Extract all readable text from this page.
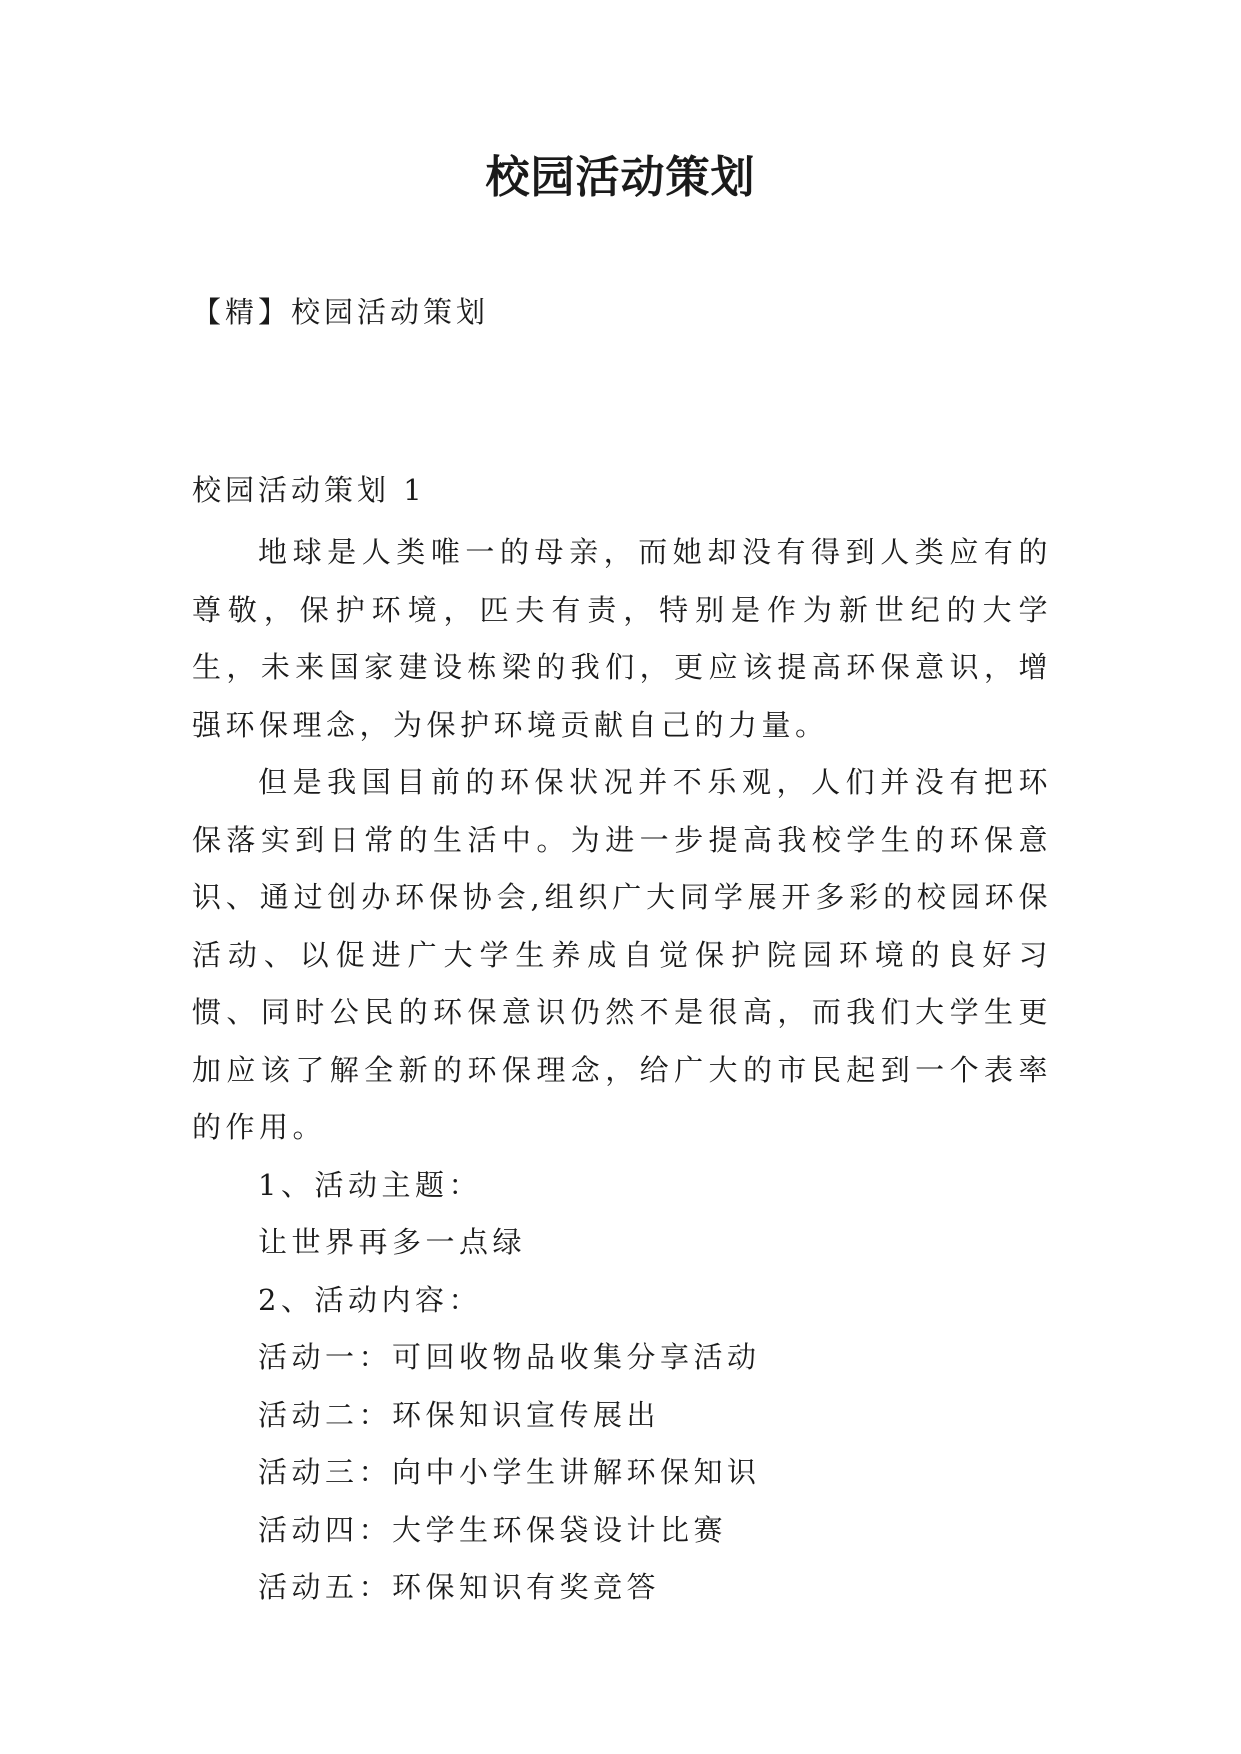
校园活动策划
【精】校园活动策划
校园活动策划 1

地球是人类唯一的母亲，而她却没有得到人类应有的尊敬，保护环境，匹夫有责，特别是作为新世纪的大学生，未来国家建设栋梁的我们，更应该提高环保意识，增强环保理念，为保护环境贡献自己的力量。

但是我国目前的环保状况并不乐观，人们并没有把环保落实到日常的生活中。为进一步提高我校学生的环保意识、通过创办环保协会,组织广大同学展开多彩的校园环保活动、以促进广大学生养成自觉保护院园环境的良好习惯、同时公民的环保意识仍然不是很高，而我们大学生更加应该了解全新的环保理念，给广大的市民起到一个表率的作用。

1、活动主题：

让世界再多一点绿

2、活动内容：

活动一：可回收物品收集分享活动

活动二：环保知识宣传展出

活动三：向中小学生讲解环保知识

活动四：大学生环保袋设计比赛

活动五：环保知识有奖竞答
